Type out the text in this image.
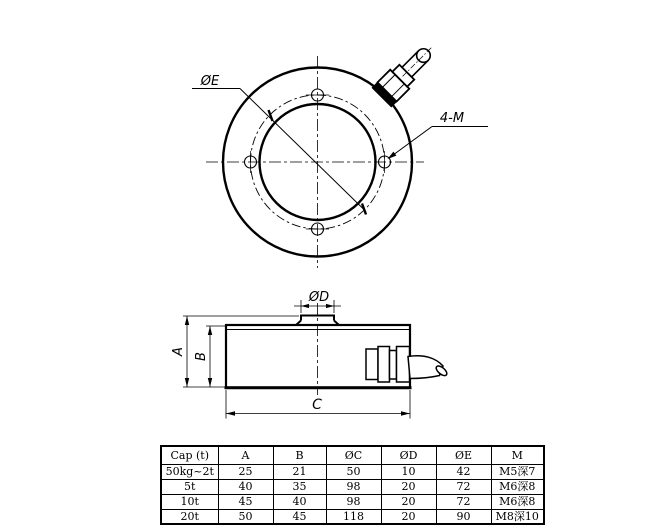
ØE
4-M
ØD
A
B
C
Cap (t)	A	B	ØC	ØD	ØE	M
50kg~2t	25	21	50	10	42	M5深7
5t	40	35	98	20	72	M6深8
10t	45	40	98	20	72	M6深8
20t	50	45	118	20	90	M8深10
